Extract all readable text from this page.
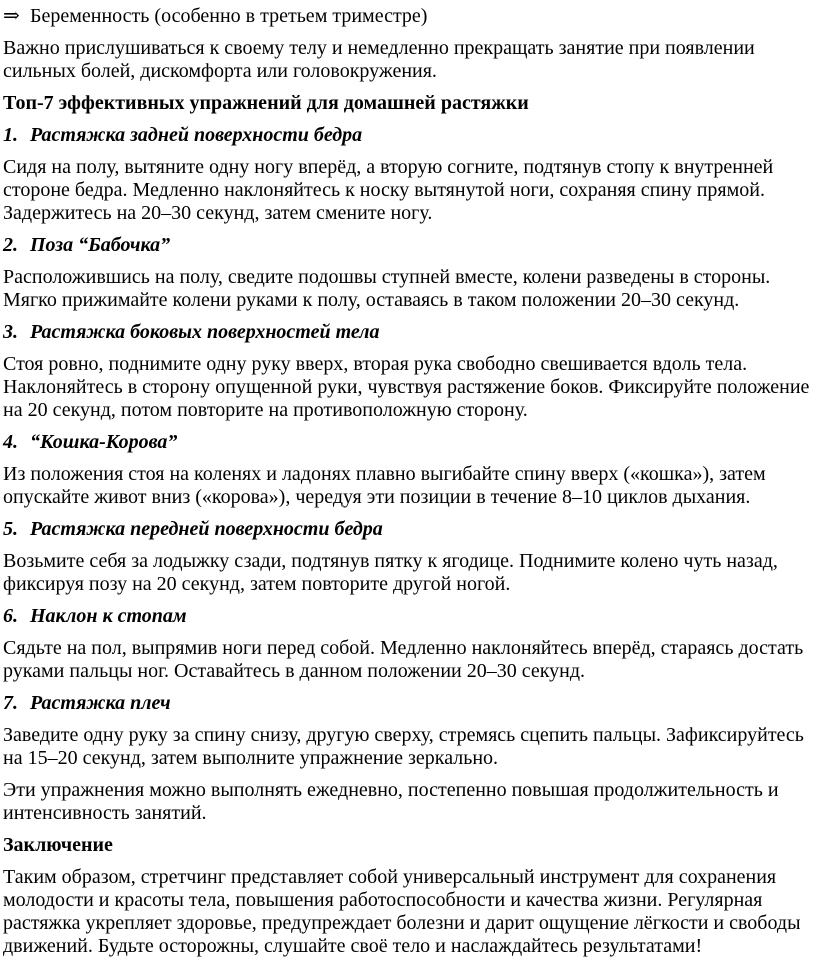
⇒ Беременность (особенно в третьем триместре)

Важно прислушиваться к своему телу и немедленно прекращать занятие при появлении сильных болей, дискомфорта или головокружения.

Топ-7 эффективных упражнений для домашней растяжки
1. Растяжка задней поверхности бедра

Сидя на полу, вытяните одну ногу вперёд, а вторую согните, подтянув стопу к внутренней стороне бедра. Медленно наклоняйтесь к носку вытянутой ноги, сохраняя спину прямой. Задержитесь на 20–30 секунд, затем смените ногу.

2. Поза “Бабочка”

Расположившись на полу, сведите подошвы ступней вместе, колени разведены в стороны. Мягко прижимайте колени руками к полу, оставаясь в таком положении 20–30 секунд.

3. Растяжка боковых поверхностей тела

Стоя ровно, поднимите одну руку вверх, вторая рука свободно свешивается вдоль тела. Наклоняйтесь в сторону опущенной руки, чувствуя растяжение боков. Фиксируйте положение на 20 секунд, потом повторите на противоположную сторону.

4. “Кошка-Корова”

Из положения стоя на коленях и ладонях плавно выгибайте спину вверх («кошка»), затем опускайте живот вниз («корова»), чередуя эти позиции в течение 8–10 циклов дыхания.

5. Растяжка передней поверхности бедра

Возьмите себя за лодыжку сзади, подтянув пятку к ягодице. Поднимите колено чуть назад, фиксируя позу на 20 секунд, затем повторите другой ногой.

6. Наклон к стопам

Сядьте на пол, выпрямив ноги перед собой. Медленно наклоняйтесь вперёд, стараясь достать руками пальцы ног. Оставайтесь в данном положении 20–30 секунд.

7. Растяжка плеч

Заведите одну руку за спину снизу, другую сверху, стремясь сцепить пальцы. Зафиксируйтесь на 15–20 секунд, затем выполните упражнение зеркально.

Эти упражнения можно выполнять ежедневно, постепенно повышая продолжительность и интенсивность занятий.

Заключение

Таким образом, стретчинг представляет собой универсальный инструмент для сохранения молодости и красоты тела, повышения работоспособности и качества жизни. Регулярная растяжка укрепляет здоровье, предупреждает болезни и дарит ощущение лёгкости и свободы движений. Будьте осторожны, слушайте своё тело и наслаждайтесь результатами!
